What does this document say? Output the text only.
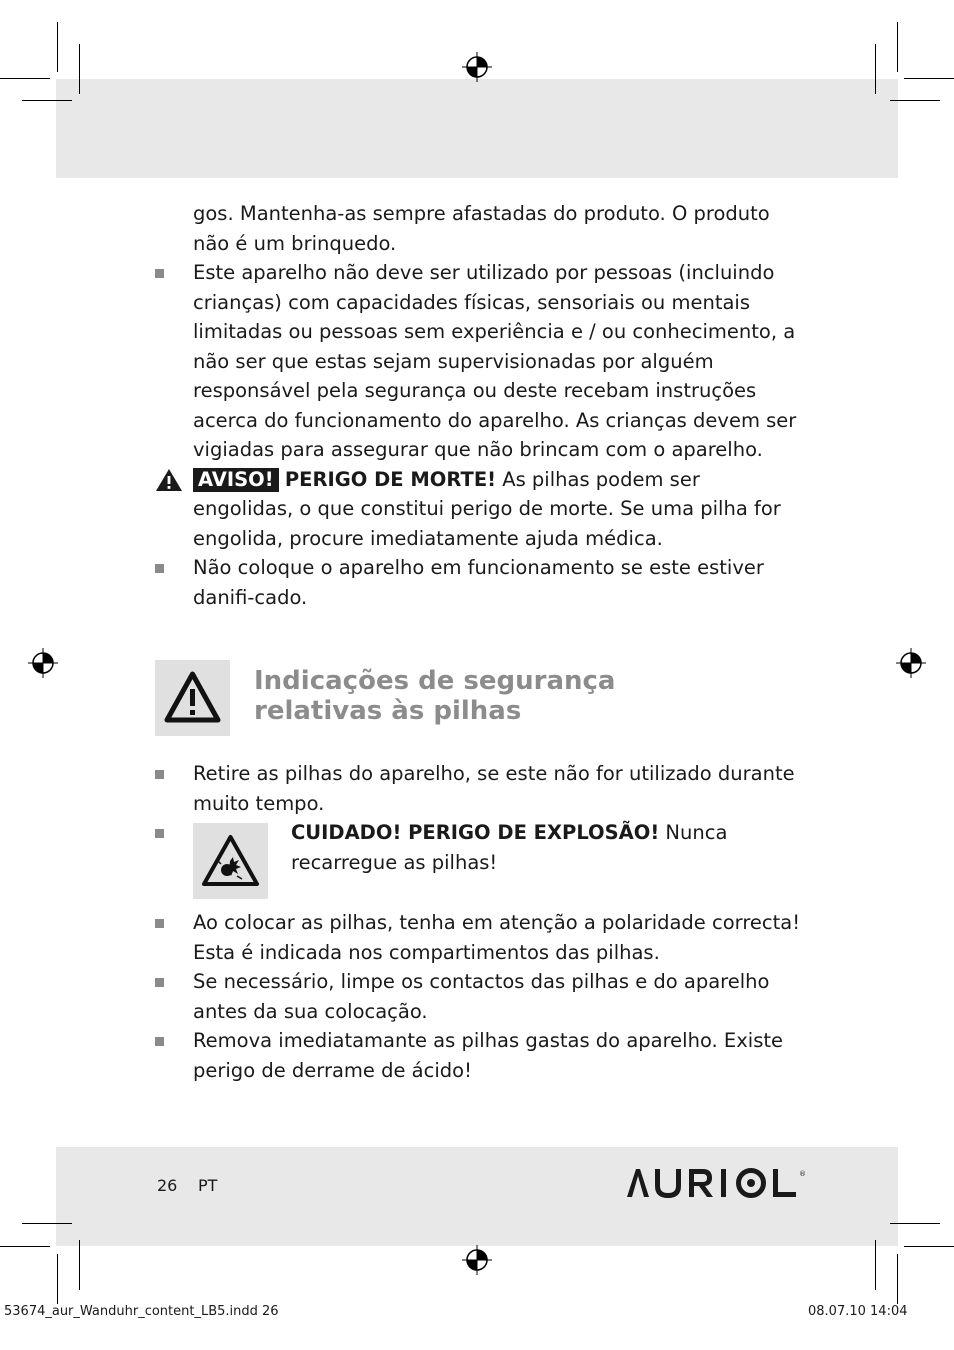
gos. Mantenha-as sempre afastadas do produto. O produto não é um brinquedo.

Este aparelho não deve ser utilizado por pessoas (incluindo crianças) com capacidades físicas, sensoriais ou mentais limitadas ou pessoas sem experiência e / ou conhecimento, a não ser que estas sejam supervisionadas por alguém responsável pela segurança ou deste recebam instruções acerca do funcionamento do aparelho. As crianças devem ser vigiadas para assegurar que não brincam com o aparelho.
AVISO! PERIGO DE MORTE! As pilhas podem ser engolidas, o que constitui perigo de morte. Se uma pilha for engolida, procure imediatamente ajuda médica.
Não coloque o aparelho em funcionamento se este estiver danifi-cado.
Indicações de segurança
relativas às pilhas
Retire as pilhas do aparelho, se este não for utilizado durante muito tempo.
CUIDADO! PERIGO DE EXPLOSÃO! Nunca recarregue as pilhas!
Ao colocar as pilhas, tenha em atenção a polaridade correcta! Esta é indicada nos compartimentos das pilhas.
Se necessário, limpe os contactos das pilhas e do aparelho antes da sua colocação.
Remova imediatamante as pilhas gastas do aparelho. Existe perigo de derrame de ácido!
26 PT
®
AURIOL
53674_aur_Wanduhr_content_LB5.indd 26	08.07.10 14:04
